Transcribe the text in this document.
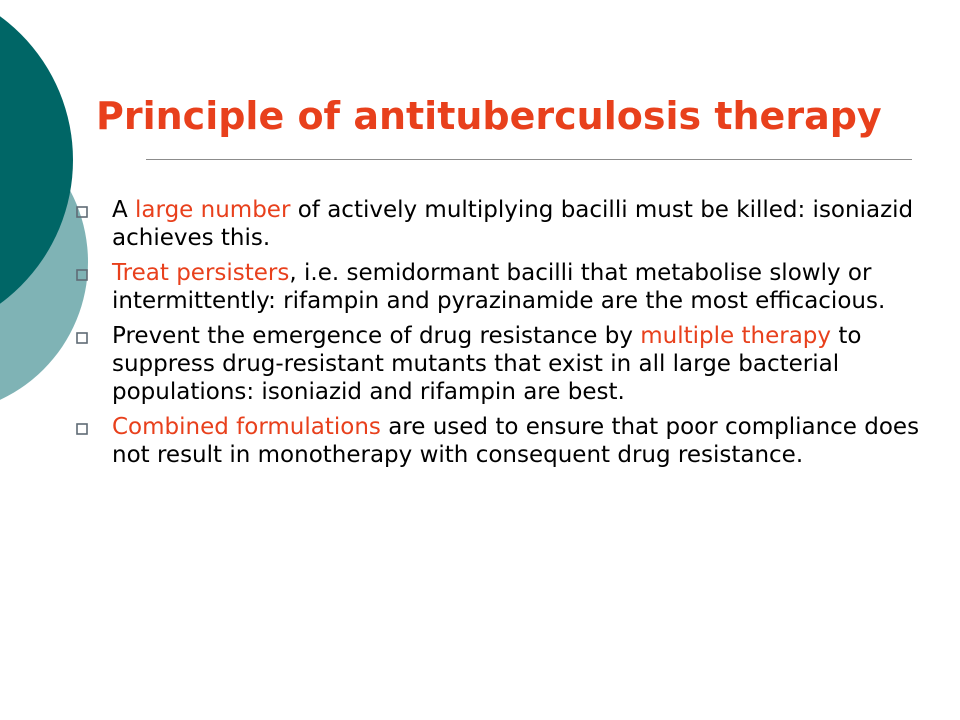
Principle of antituberculosis therapy
A large number of actively multiplying bacilli must be killed: isoniazid achieves this.
Treat persisters, i.e. semidormant bacilli that metabolise slowly or intermittently: rifampin and pyrazinamide are the most efficacious.
Prevent the emergence of drug resistance by multiple therapy to suppress drug-resistant mutants that exist in all large bacterial populations: isoniazid and rifampin are best.
Combined formulations are used to ensure that poor compliance does not result in monotherapy with consequent drug resistance.
